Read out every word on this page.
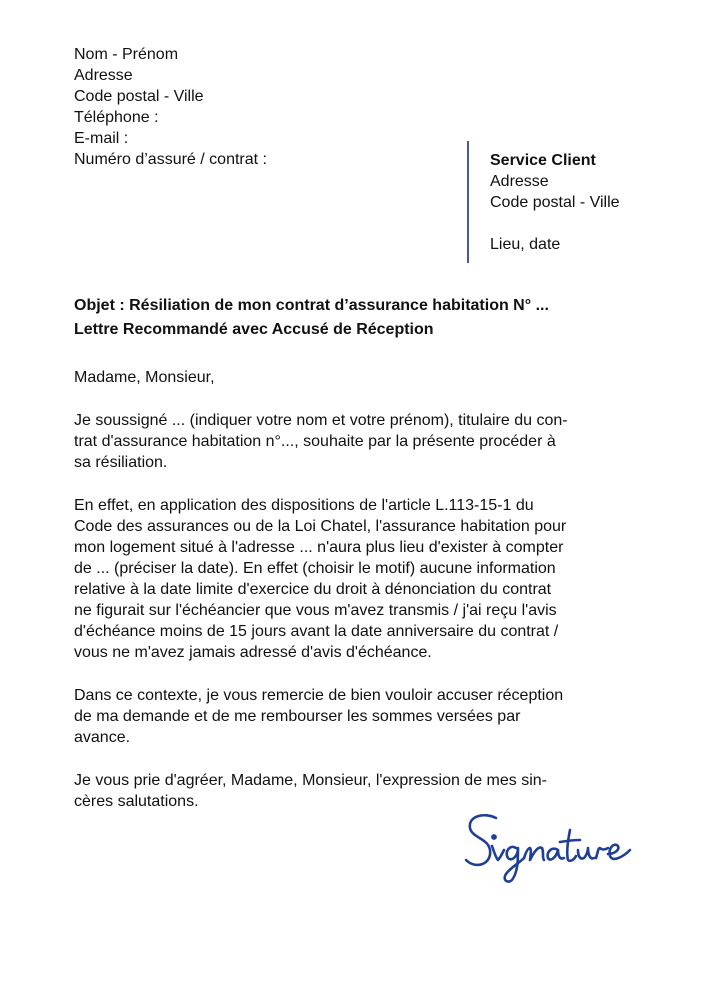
Nom - Prénom
Adresse
Code postal - Ville
Téléphone :
E-mail :
Numéro d’assuré / contrat :	Service Client
Adresse
Code postal - Ville
Lieu, date
Objet : Résiliation de mon contrat d’assurance habitation N° ...
Lettre Recommandé avec Accusé de Réception
Madame, Monsieur,
Je soussigné ... (indiquer votre nom et votre prénom), titulaire du con-
trat d'assurance habitation n°..., souhaite par la présente procéder à
sa résiliation.
En effet, en application des dispositions de l'article L.113-15-1 du
Code des assurances ou de la Loi Chatel, l'assurance habitation pour
mon logement situé à l'adresse ... n'aura plus lieu d'exister à compter
de ... (préciser la date). En effet (choisir le motif) aucune information
relative à la date limite d'exercice du droit à dénonciation du contrat
ne figurait sur l'échéancier que vous m'avez transmis / j'ai reçu l'avis
d'échéance moins de 15 jours avant la date anniversaire du contrat /
vous ne m'avez jamais adressé d'avis d'échéance.
Dans ce contexte, je vous remercie de bien vouloir accuser réception
de ma demande et de me rembourser les sommes versées par
avance.
Je vous prie d'agréer, Madame, Monsieur, l'expression de mes sin-
cères salutations.
